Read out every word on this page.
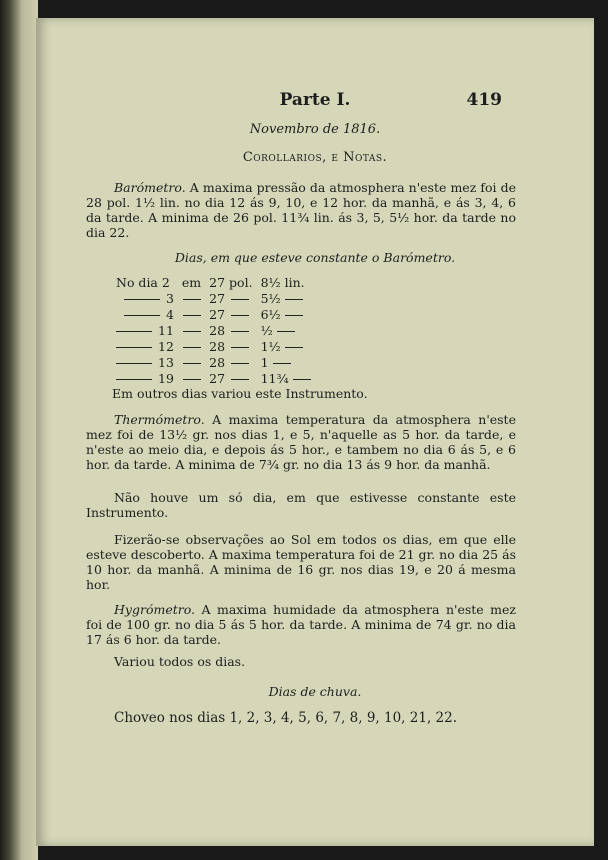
Parte I.	419
Novembro de 1816.
Corollarios, e Notas.
Barómetro. A maxima pressão da atmosphera n'este mez foi de 28 pol. 1½ lin. no dia 12 ás 9, 10, e 12 hor. da manhã, e ás 3, 4, 6 da tarde. A minima de 26 pol. 11¾ lin. ás 3, 5, 5½ hor. da tarde no dia 22.
Dias, em que esteve constante o Barómetro.
No dia 2	em	27 pol.	8½ lin.
3		27	5½
4		27	6½
11		28	½
12		28	1½
13		28	1
19		27	11¾
Em outros dias variou este Instrumento.
Thermómetro. A maxima temperatura da atmosphera n'este mez foi de 13½ gr. nos dias 1, e 5, n'aquelle as 5 hor. da tarde, e n'este ao meio dia, e depois ás 5 hor., e tambem no dia 6 ás 5, e 6 hor. da tarde. A minima de 7¾ gr. no dia 13 ás 9 hor. da manhã.
Não houve um só dia, em que estivesse constante este Instrumento.
Fizerão-se observações ao Sol em todos os dias, em que elle esteve descoberto. A maxima temperatura foi de 21 gr. no dia 25 ás 10 hor. da manhã. A minima de 16 gr. nos dias 19, e 20 á mesma hor.
Hygrómetro. A maxima humidade da atmosphera n'este mez foi de 100 gr. no dia 5 ás 5 hor. da tarde. A minima de 74 gr. no dia 17 ás 6 hor. da tarde.
Variou todos os dias.
Dias de chuva.
Choveo nos dias 1, 2, 3, 4, 5, 6, 7, 8, 9, 10, 21, 22.
